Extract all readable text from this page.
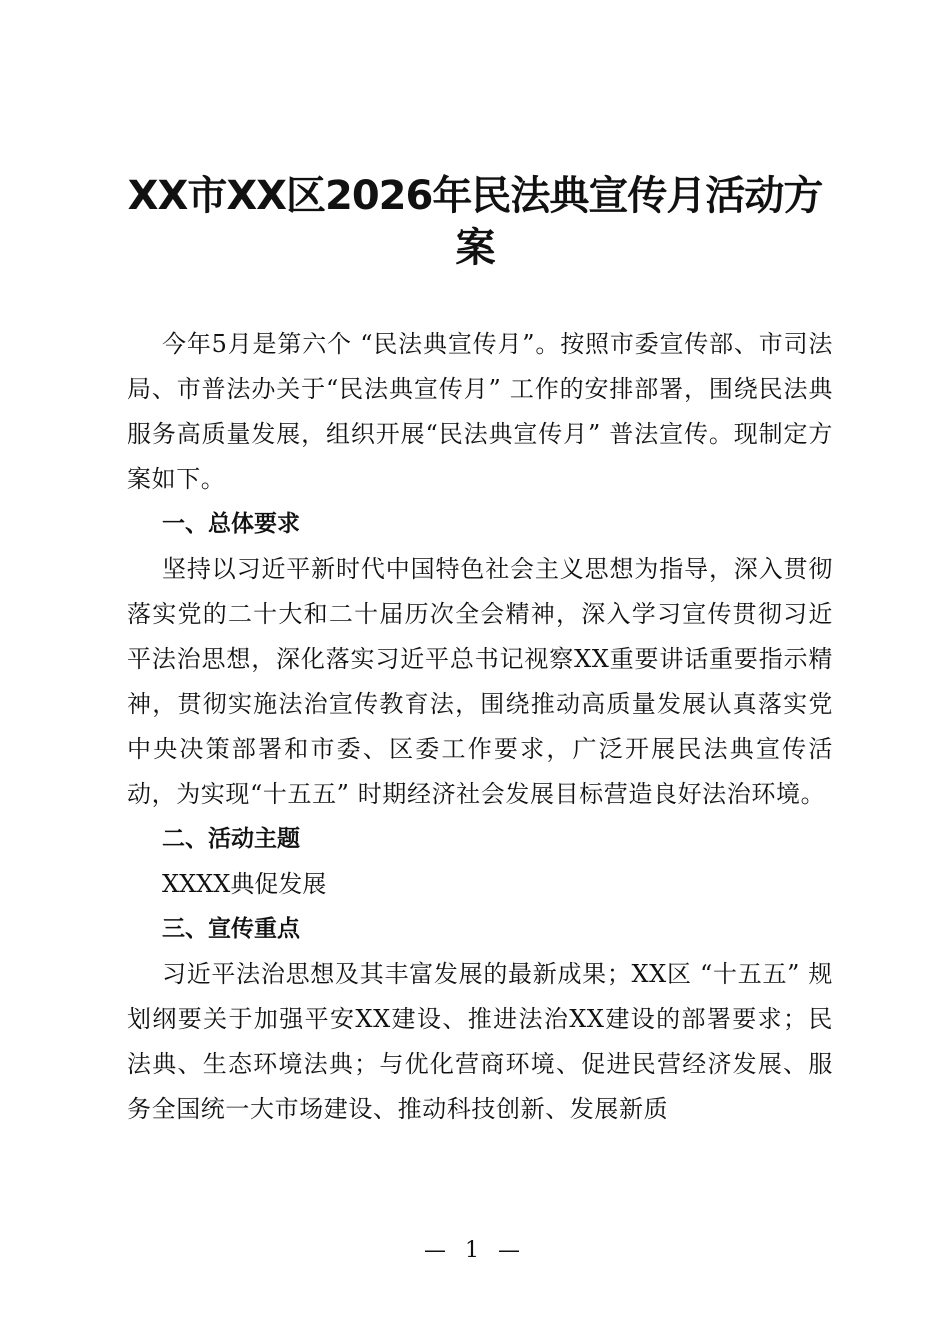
XX市XX区2026年民法典宣传月活动方案

今年5月是第六个 “民法典宣传月”。按照市委宣传部、市司法局、市普法办关于“民法典宣传月” 工作的安排部署，围绕民法典服务高质量发展，组织开展“民法典宣传月” 普法宣传。现制定方案如下。

一、总体要求

坚持以习近平新时代中国特色社会主义思想为指导，深入贯彻落实党的二十大和二十届历次全会精神，深入学习宣传贯彻习近平法治思想，深化落实习近平总书记视察XX重要讲话重要指示精神，贯彻实施法治宣传教育法，围绕推动高质量发展认真落实党中央决策部署和市委、区委工作要求，广泛开展民法典宣传活动，为实现“十五五” 时期经济社会发展目标营造良好法治环境。

二、活动主题

XXXX典促发展

三、宣传重点

习近平法治思想及其丰富发展的最新成果；XX区 “十五五” 规划纲要关于加强平安XX建设、推进法治XX建设的部署要求；民法典、生态环境法典；与优化营商环境、促进民营经济发展、服务全国统一大市场建设、推动科技创新、发展新质

— 1 —
